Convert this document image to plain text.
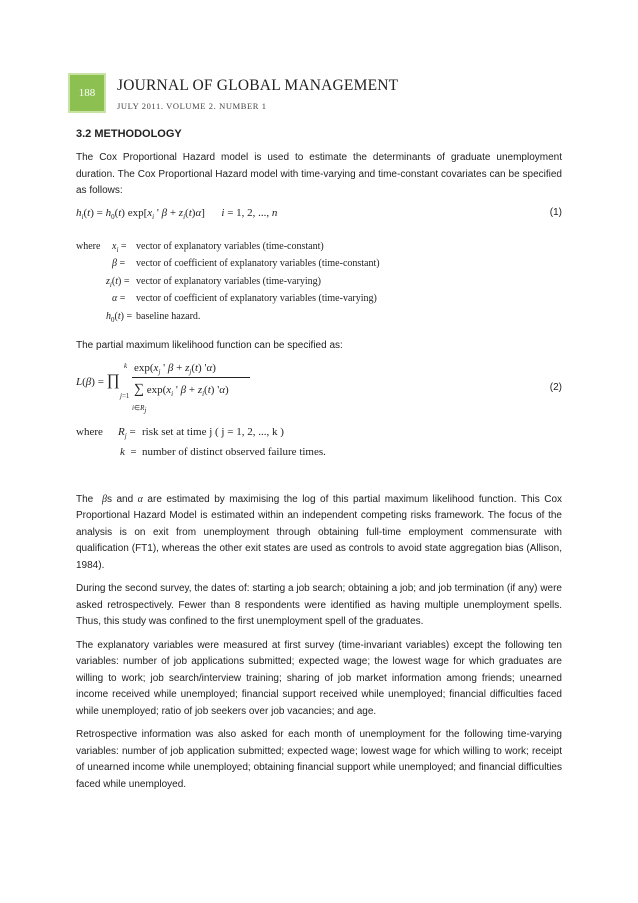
188	JOURNAL OF GLOBAL MANAGEMENT
JULY 2011. VOLUME 2. NUMBER 1
3.2 METHODOLOGY

The Cox Proportional Hazard model is used to estimate the determinants of graduate unemployment duration. The Cox Proportional Hazard model with time-varying and time-constant covariates can be specified as follows:

$h_i(t) = h_0(t)$ $\exp[x_i$ ' $\beta + z_i(t)\alpha$]      i = 1, 2, ..., n	(1)
where $x_i$ = vector of explanatory variables (time-constant)
β = vector of coefficient of explanatory variables (time-constant)
$z_i(t)$ = vector of explanatory variables (time-varying)
α = vector of coefficient of explanatory variables (time-varying)
$h_0(t)$ = baseline hazard.

The partial maximum likelihood function can be specified as:

L(β) = ∏
k
j=1
$\exp(x_j$ ' $\beta + z_j(t)$ 'α)
∑ $\exp(x_i$ ' $\beta + z_i(t)$ 'α)
$i\in R_j$
(2)
where $R_j$ = risk set at time j ( j = 1, 2, ..., k )
k  = number of distinct observed failure times.

The  βs and α are estimated by maximising the log of this partial maximum likelihood function. This Cox Proportional Hazard Model is estimated within an independent competing risks framework. The focus of the analysis is on exit from unemployment through obtaining full-time employment commensurate with qualification (FT1), whereas the other exit states are used as controls to avoid state aggregation bias (Allison, 1984).

During the second survey, the dates of: starting a job search; obtaining a job; and job termination (if any) were asked retrospectively. Fewer than 8 respondents were identified as having multiple unemployment spells. Thus, this study was confined to the first unemployment spell of the graduates.

The explanatory variables were measured at first survey (time-invariant variables) except the following ten variables: number of job applications submitted; expected wage; the lowest wage for which graduates are willing to work; job search/interview training; sharing of job market information among friends; unearned income received while unemployed; financial support received while unemployed; financial difficulties faced while unemployed; ratio of job seekers over job vacancies; and age.

Retrospective information was also asked for each month of unemployment for the following time-varying variables: number of job application submitted; expected wage; lowest wage for which willing to work; receipt of unearned income while unemployed; obtaining financial support while unemployed; and financial difficulties faced while unemployed.
